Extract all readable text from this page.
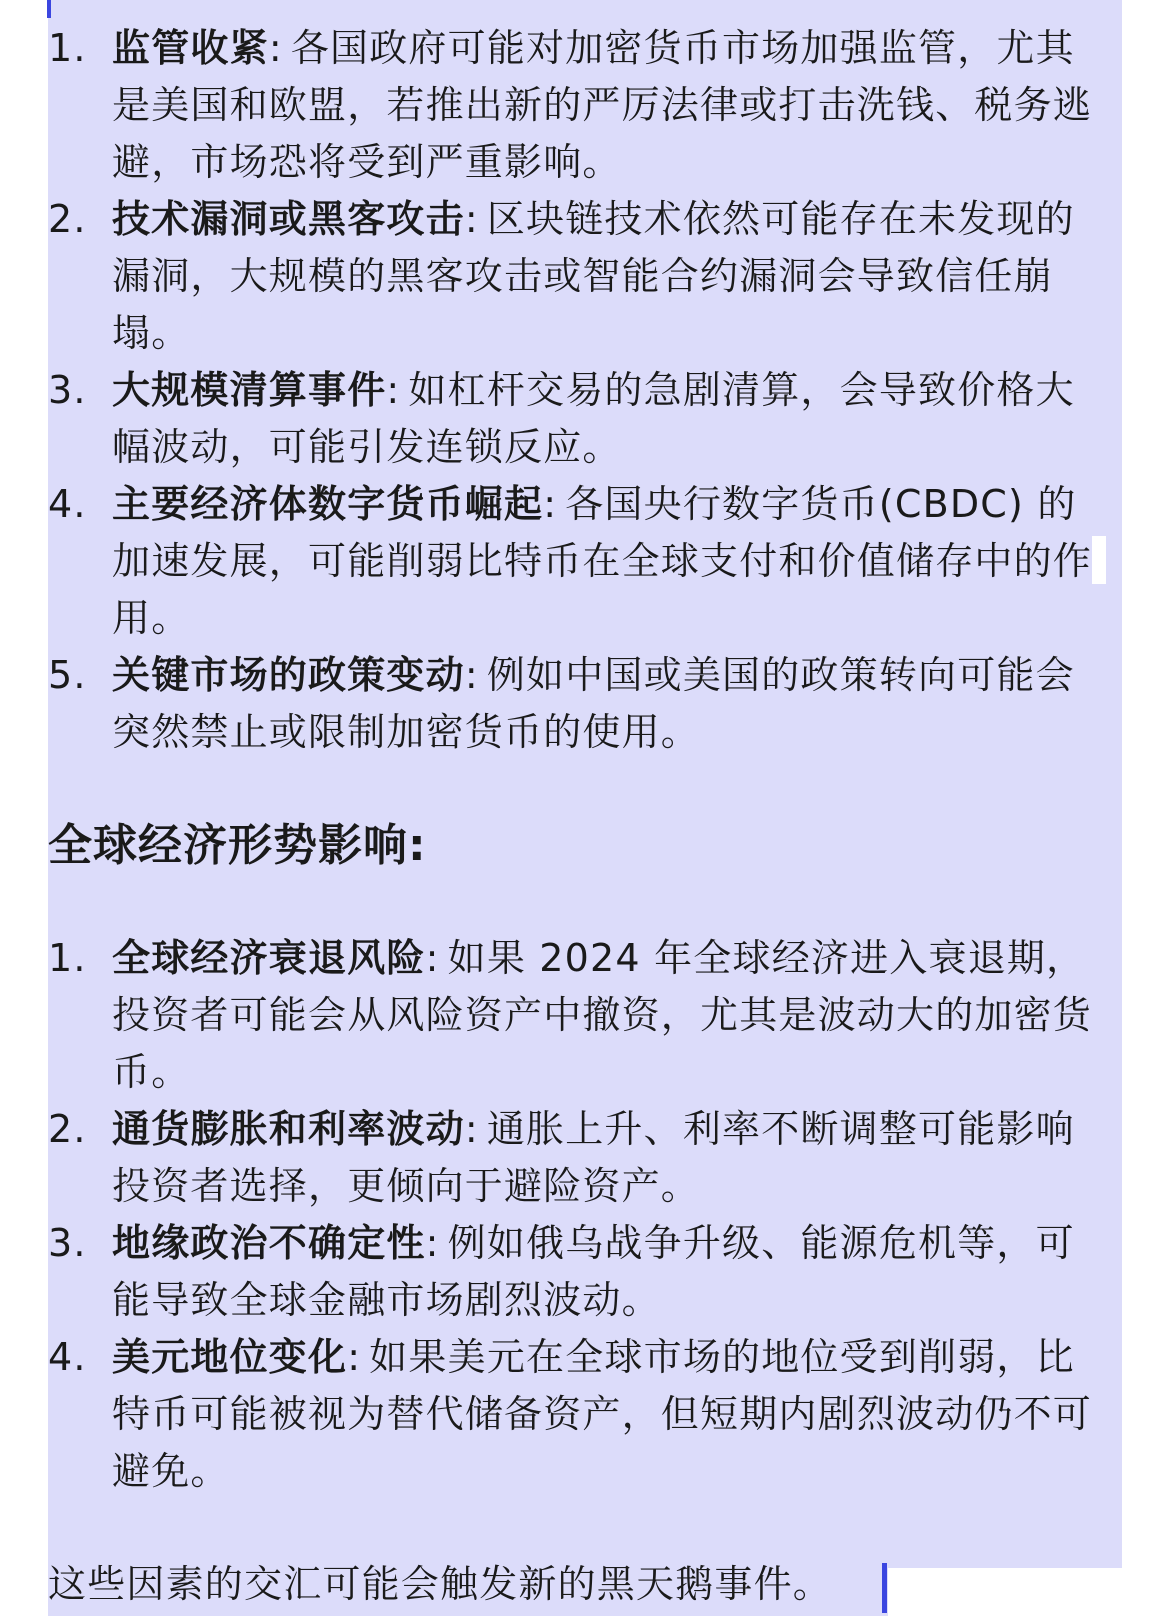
1. 监管收紧: 各国政府可能对加密货币市场加强监管，尤其是美国和欧盟，若推出新的严厉法律或打击洗钱、税务逃避，市场恐将受到严重影响。
2. 技术漏洞或黑客攻击: 区块链技术依然可能存在未发现的漏洞，大规模的黑客攻击或智能合约漏洞会导致信任崩塌。
3. 大规模清算事件: 如杠杆交易的急剧清算，会导致价格大幅波动，可能引发连锁反应。
4. 主要经济体数字货币崛起: 各国央行数字货币(CBDC) 的加速发展，可能削弱比特币在全球支付和价值储存中的作用。
5. 关键市场的政策变动: 例如中国或美国的政策转向可能会突然禁止或限制加密货币的使用。
全球经济形势影响:
1. 全球经济衰退风险: 如果 2024 年全球经济进入衰退期，投资者可能会从风险资产中撤资，尤其是波动大的加密货币。
2. 通货膨胀和利率波动: 通胀上升、利率不断调整可能影响投资者选择，更倾向于避险资产。
3. 地缘政治不确定性: 例如俄乌战争升级、能源危机等，可能导致全球金融市场剧烈波动。
4. 美元地位变化: 如果美元在全球市场的地位受到削弱，比特币可能被视为替代储备资产，但短期内剧烈波动仍不可避免。
这些因素的交汇可能会触发新的黑天鹅事件。
